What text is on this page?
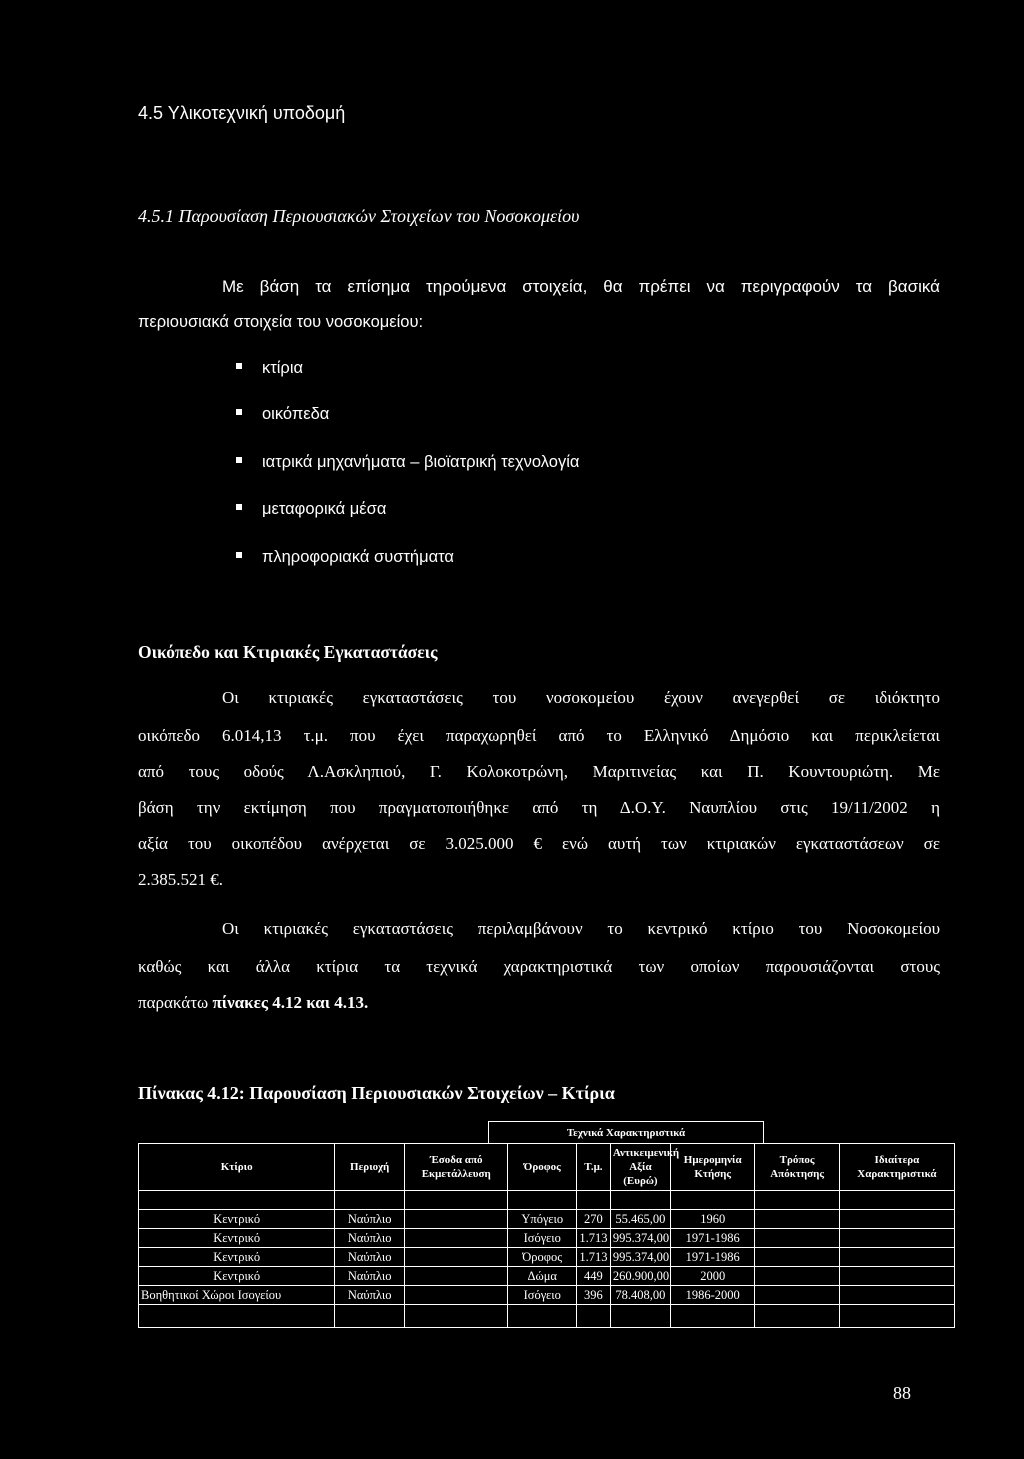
4.5 Υλικοτεχνική υποδομή
4.5.1 Παρουσίαση Περιουσιακών Στοιχείων του Νοσοκομείου
Με βάση τα επίσημα τηρούμενα στοιχεία, θα πρέπει να περιγραφούν τα βασικά
περιουσιακά στοιχεία του νοσοκομείου:
κτίρια
οικόπεδα
ιατρικά μηχανήματα – βιοϊατρική τεχνολογία
μεταφορικά μέσα
πληροφοριακά συστήματα
Οικόπεδο και Κτιριακές Εγκαταστάσεις
Οι κτιριακές εγκαταστάσεις του νοσοκομείου έχουν ανεγερθεί σε ιδιόκτητο
οικόπεδο 6.014,13 τ.μ. που έχει παραχωρηθεί από το Ελληνικό Δημόσιο και περικλείεται
από τους οδούς Λ.Ασκληπιού, Γ. Κολοκοτρώνη, Μαριτινείας και Π. Κουντουριώτη. Με
βάση την εκτίμηση που πραγματοποιήθηκε από τη Δ.Ο.Υ. Ναυπλίου στις 19/11/2002 η
αξία του οικοπέδου ανέρχεται σε 3.025.000 € ενώ αυτή των κτιριακών εγκαταστάσεων σε
2.385.521 €.
Οι κτιριακές εγκαταστάσεις περιλαμβάνουν το κεντρικό κτίριο του Νοσοκομείου
καθώς και άλλα κτίρια τα τεχνικά χαρακτηριστικά των οποίων παρουσιάζονται στους
παρακάτω πίνακες 4.12 και 4.13.
Πίνακας 4.12: Παρουσίαση Περιουσιακών Στοιχείων – Κτίρια
Τεχνικά Χαρακτηριστικά
Κτίριο	Περιοχή	Έσοδα από Εκμετάλλευση	Όροφος	Τ.μ.	Αντικειμενική Αξία (Ευρώ)	Ημερομηνία Κτήσης	Τρόπος Απόκτησης	Ιδιαίτερα Χαρακτηριστικά

Κεντρικό	Ναύπλιο		Υπόγειο	270	55.465,00	1960		
Κεντρικό	Ναύπλιο		Ισόγειο	1.713	995.374,00	1971-1986		
Κεντρικό	Ναύπλιο		Όροφος	1.713	995.374,00	1971-1986		
Κεντρικό	Ναύπλιο		Δώμα	449	260.900,00	2000		
Βοηθητικοί Χώροι Ισογείου	Ναύπλιο		Ισόγειο	396	78.408,00	1986-2000		

88
